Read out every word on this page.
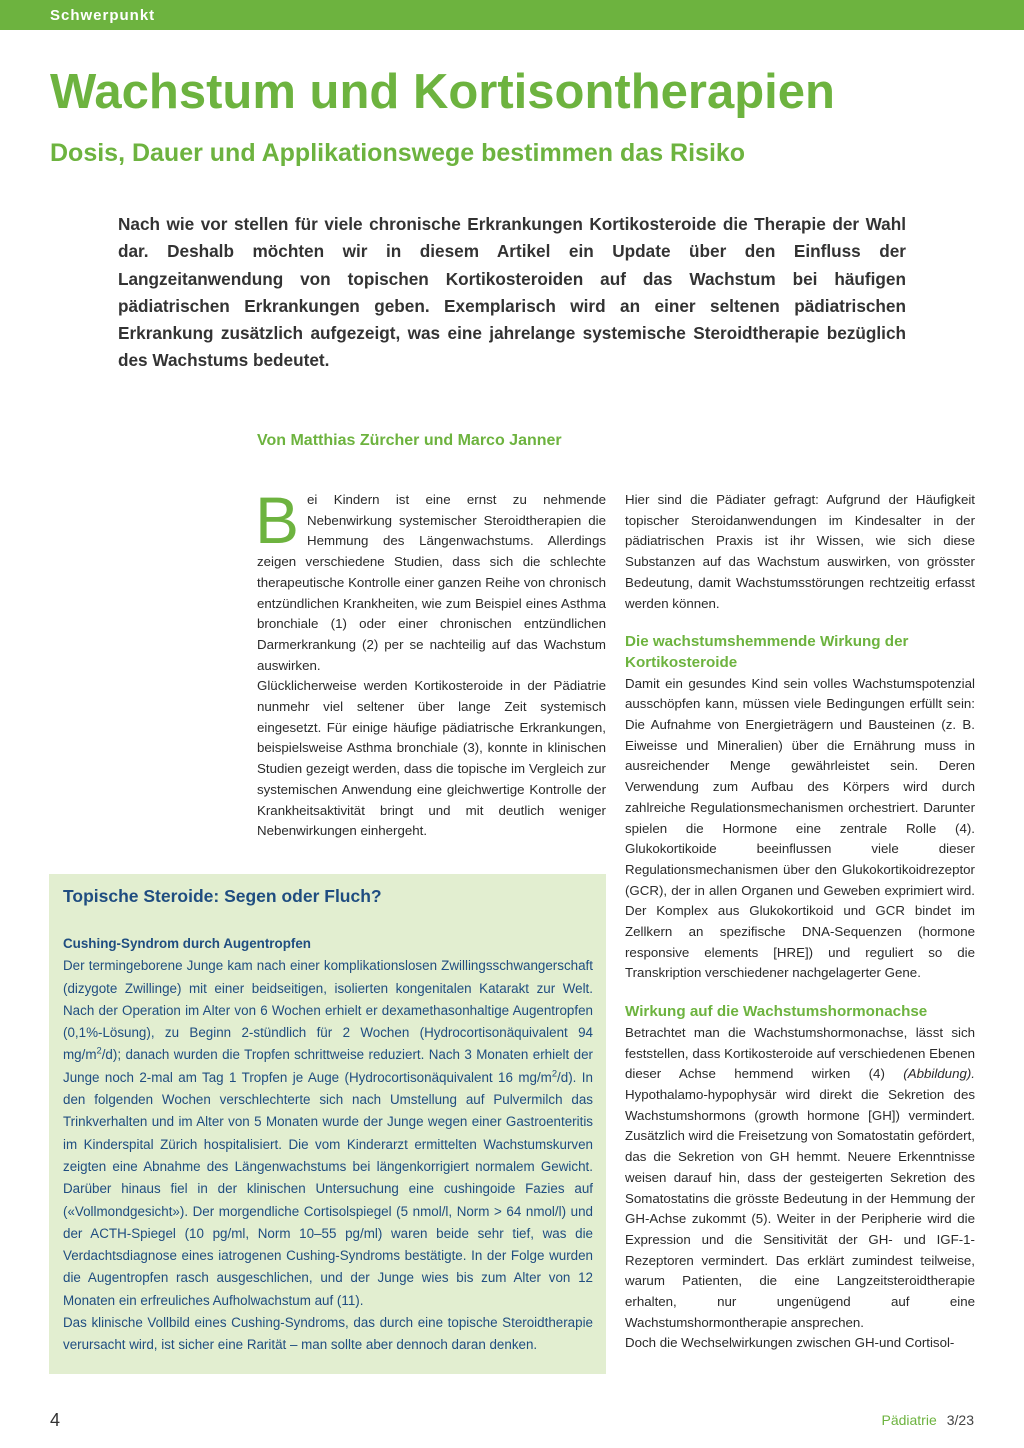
Schwerpunkt
Wachstum und Kortisontherapien
Dosis, Dauer und Applikationswege bestimmen das Risiko

Nach wie vor stellen für viele chronische Erkrankungen Kortikosteroide die Therapie der Wahl dar. Deshalb möchten wir in diesem Artikel ein Update über den Einfluss der Langzeitanwendung von topischen Kortikosteroiden auf das Wachstum bei häufigen pädiatrischen Erkrankungen geben. Exemplarisch wird an einer seltenen pädiatrischen Erkrankung zusätzlich aufgezeigt, was eine jahrelange systemische Steroidtherapie bezüglich des Wachstums bedeutet.

Von Matthias Zürcher und Marco Janner

Bei Kindern ist eine ernst zu nehmende Nebenwirkung systemischer Steroidtherapien die Hemmung des Längenwachstums. Allerdings zeigen verschiedene Studien, dass sich die schlechte therapeutische Kontrolle einer ganzen Reihe von chronisch entzündlichen Krankheiten, wie zum Beispiel eines Asthma bronchiale (1) oder einer chronischen entzündlichen Darmerkrankung (2) per se nachteilig auf das Wachstum auswirken.

Glücklicherweise werden Kortikosteroide in der Pädiatrie nunmehr viel seltener über lange Zeit systemisch eingesetzt. Für einige häufige pädiatrische Erkrankungen, beispielsweise Asthma bronchiale (3), konnte in klinischen Studien gezeigt werden, dass die topische im Vergleich zur systemischen Anwendung eine gleichwertige Kontrolle der Krankheitsaktivität bringt und mit deutlich weniger Nebenwirkungen einhergeht.

Hier sind die Pädiater gefragt: Aufgrund der Häufigkeit topischer Steroidanwendungen im Kindesalter in der pädiatrischen Praxis ist ihr Wissen, wie sich diese Substanzen auf das Wachstum auswirken, von grösster Bedeutung, damit Wachstumsstörungen rechtzeitig erfasst werden können.

Die wachstumshemmende Wirkung der Kortikosteroide

Damit ein gesundes Kind sein volles Wachstumspotenzial ausschöpfen kann, müssen viele Bedingungen erfüllt sein: Die Aufnahme von Energieträgern und Bausteinen (z. B. Eiweisse und Mineralien) über die Ernährung muss in ausreichender Menge gewährleistet sein. Deren Verwendung zum Aufbau des Körpers wird durch zahlreiche Regulationsmechanismen orchestriert. Darunter spielen die Hormone eine zentrale Rolle (4). Glukokortikoide beeinflussen viele dieser Regulationsmechanismen über den Glukokortikoidrezeptor (GCR), der in allen Organen und Geweben exprimiert wird. Der Komplex aus Glukokortikoid und GCR bindet im Zellkern an spezifische DNA-Sequenzen (hormone responsive elements [HRE]) und reguliert so die Transkription verschiedener nachgelagerter Gene.

Wirkung auf die Wachstumshormonachse

Betrachtet man die Wachstumshormonachse, lässt sich feststellen, dass Kortikosteroide auf verschiedenen Ebenen dieser Achse hemmend wirken (4) (Abbildung). Hypothalamo-hypophysär wird direkt die Sekretion des Wachstumshormons (growth hormone [GH]) vermindert. Zusätzlich wird die Freisetzung von Somatostatin gefördert, das die Sekretion von GH hemmt. Neuere Erkenntnisse weisen darauf hin, dass der gesteigerten Sekretion des Somatostatins die grösste Bedeutung in der Hemmung der GH-Achse zukommt (5). Weiter in der Peripherie wird die Expression und die Sensitivität der GH- und IGF-1-Rezeptoren vermindert. Das erklärt zumindest teilweise, warum Patienten, die eine Langzeitsteroidtherapie erhalten, nur ungenügend auf eine Wachstumshormontherapie ansprechen.

Doch die Wechselwirkungen zwischen GH-und Cortisol-

Topische Steroide: Segen oder Fluch?
Cushing-Syndrom durch Augentropfen

Der termingeborene Junge kam nach einer komplikationslosen Zwillingsschwangerschaft (dizygote Zwillinge) mit einer beidseitigen, isolierten kongenitalen Katarakt zur Welt. Nach der Operation im Alter von 6 Wochen erhielt er dexamethasonhaltige Augentropfen (0,1%-Lösung), zu Beginn 2-stündlich für 2 Wochen (Hydrocortisonäquivalent 94 $mg/m^2/d$); danach wurden die Tropfen schrittweise reduziert. Nach 3 Monaten erhielt der Junge noch 2-mal am Tag 1 Tropfen je Auge (Hydrocortisonäquivalent 16 $mg/m^2/d$). In den folgenden Wochen verschlechterte sich nach Umstellung auf Pulvermilch das Trinkverhalten und im Alter von 5 Monaten wurde der Junge wegen einer Gastroenteritis im Kinderspital Zürich hospitalisiert. Die vom Kinderarzt ermittelten Wachstumskurven zeigten eine Abnahme des Längenwachstums bei längenkorrigiert normalem Gewicht. Darüber hinaus fiel in der klinischen Untersuchung eine cushingoide Fazies auf («Vollmondgesicht»). Der morgendliche Cortisolspiegel (5 nmol/l, Norm > 64 nmol/l) und der ACTH-Spiegel (10 pg/ml, Norm 10–55 pg/ml) waren beide sehr tief, was die Verdachtsdiagnose eines iatrogenen Cushing-Syndroms bestätigte. In der Folge wurden die Augentropfen rasch ausgeschlichen, und der Junge wies bis zum Alter von 12 Monaten ein erfreuliches Aufholwachstum auf (11).

Das klinische Vollbild eines Cushing-Syndroms, das durch eine topische Steroidtherapie verursacht wird, ist sicher eine Rarität – man sollte aber dennoch daran denken.

4	Pädiatrie 3/23
